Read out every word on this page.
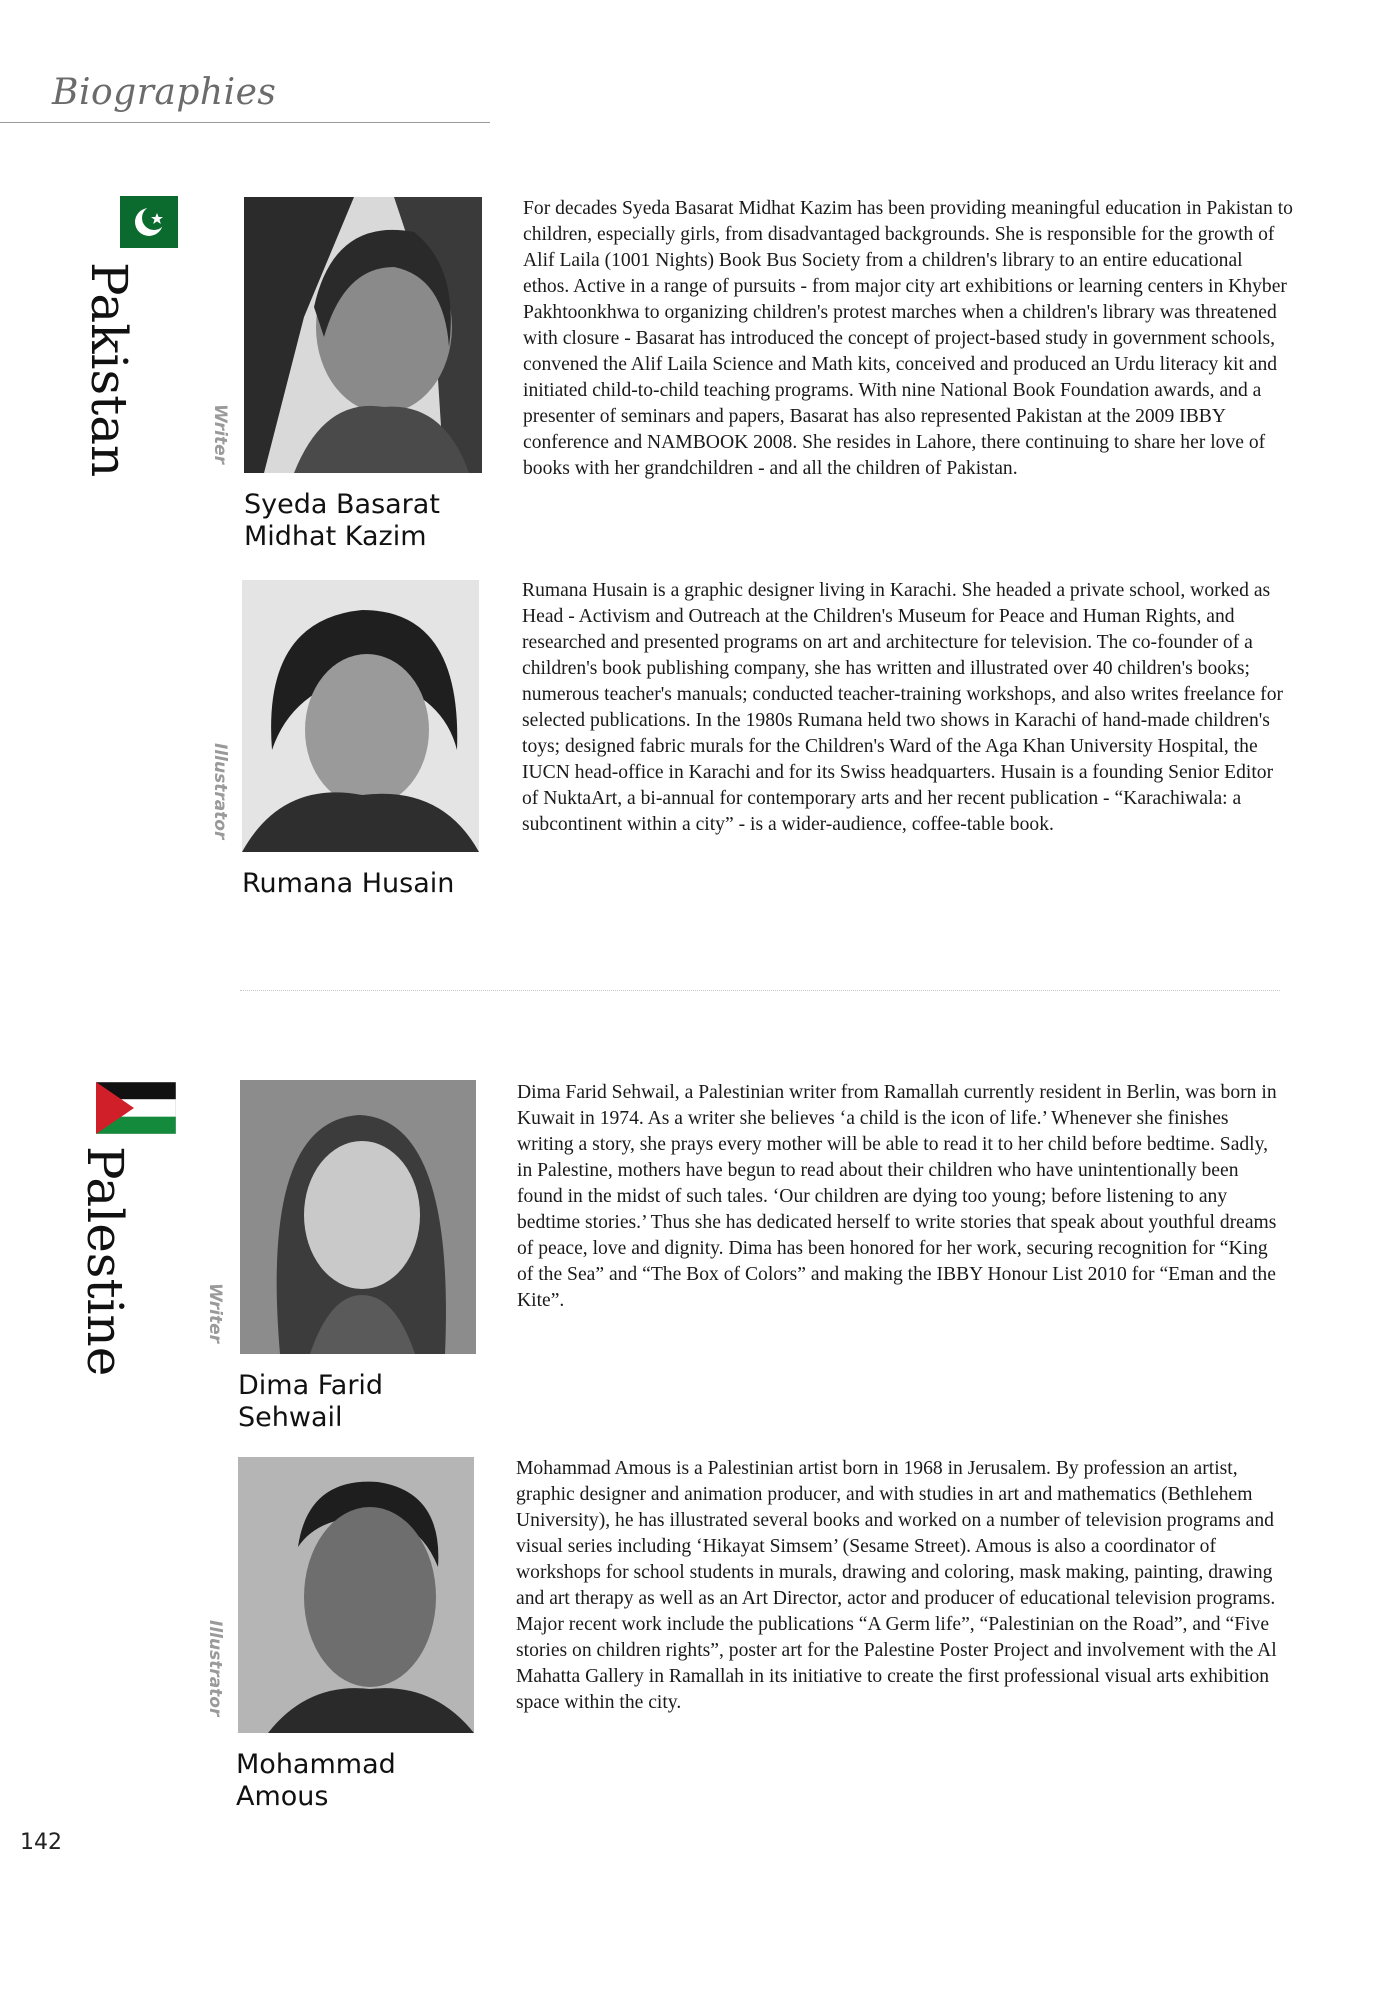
Biographies
Pakistan	Writer
Syeda Basarat
Midhat Kazim
For decades Syeda Basarat Midhat Kazim has been providing meaningful education in Pakistan to children, especially girls, from disadvantaged backgrounds. She is responsible for the growth of Alif Laila (1001 Nights) Book Bus Society from a children's library to an entire educational ethos. Active in a range of pursuits - from major city art exhibitions or learning centers in Khyber Pakhtoonkhwa to organizing children's protest marches when a children's library was threatened with closure - Basarat has introduced the concept of project-based study in government schools, convened the Alif Laila Science and Math kits, conceived and produced an Urdu literacy kit and initiated child-to-child teaching programs. With nine National Book Foundation awards, and a presenter of seminars and papers, Basarat has also represented Pakistan at the 2009 IBBY conference and NAMBOOK 2008. She resides in Lahore, there continuing to share her love of books with her grandchildren - and all the children of Pakistan.
Illustrator
Rumana Husain
Rumana Husain is a graphic designer living in Karachi. She headed a private school, worked as Head - Activism and Outreach at the Children's Museum for Peace and Human Rights, and researched and presented programs on art and architecture for television. The co-founder of a children's book publishing company, she has written and illustrated over 40 children's books; numerous teacher's manuals; conducted teacher-training workshops, and also writes freelance for selected publications. In the 1980s Rumana held two shows in Karachi of hand-made children's toys; designed fabric murals for the Children's Ward of the Aga Khan University Hospital, the IUCN head-office in Karachi and for its Swiss headquarters. Husain is a founding Senior Editor of NuktaArt, a bi-annual for contemporary arts and her recent publication - “Karachiwala: a subcontinent within a city” - is a wider-audience, coffee-table book.
Palestine	Writer
Dima Farid
Sehwail
Dima Farid Sehwail, a Palestinian writer from Ramallah currently resident in Berlin, was born in Kuwait in 1974. As a writer she believes ‘a child is the icon of life.’ Whenever she finishes writing a story, she prays every mother will be able to read it to her child before bedtime. Sadly, in Palestine, mothers have begun to read about their children who have unintentionally been found in the midst of such tales. ‘Our children are dying too young; before listening to any bedtime stories.’ Thus she has dedicated herself to write stories that speak about youthful dreams of peace, love and dignity. Dima has been honored for her work, securing recognition for “King of the Sea” and “The Box of Colors” and making the IBBY Honour List 2010 for “Eman and the Kite”.
Illustrator
Mohammad
Amous
Mohammad Amous is a Palestinian artist born in 1968 in Jerusalem. By profession an artist, graphic designer and animation producer, and with studies in art and mathematics (Bethlehem University), he has illustrated several books and worked on a number of television programs and visual series including ‘Hikayat Simsem’ (Sesame Street). Amous is also a coordinator of workshops for school students in murals, drawing and coloring, mask making, painting, drawing and art therapy as well as an Art Director, actor and producer of educational television programs. Major recent work include the publications “A Germ life”, “Palestinian on the Road”, and “Five stories on children rights”, poster art for the Palestine Poster Project and involvement with the Al Mahatta Gallery in Ramallah in its initiative to create the first professional visual arts exhibition space within the city.
142
